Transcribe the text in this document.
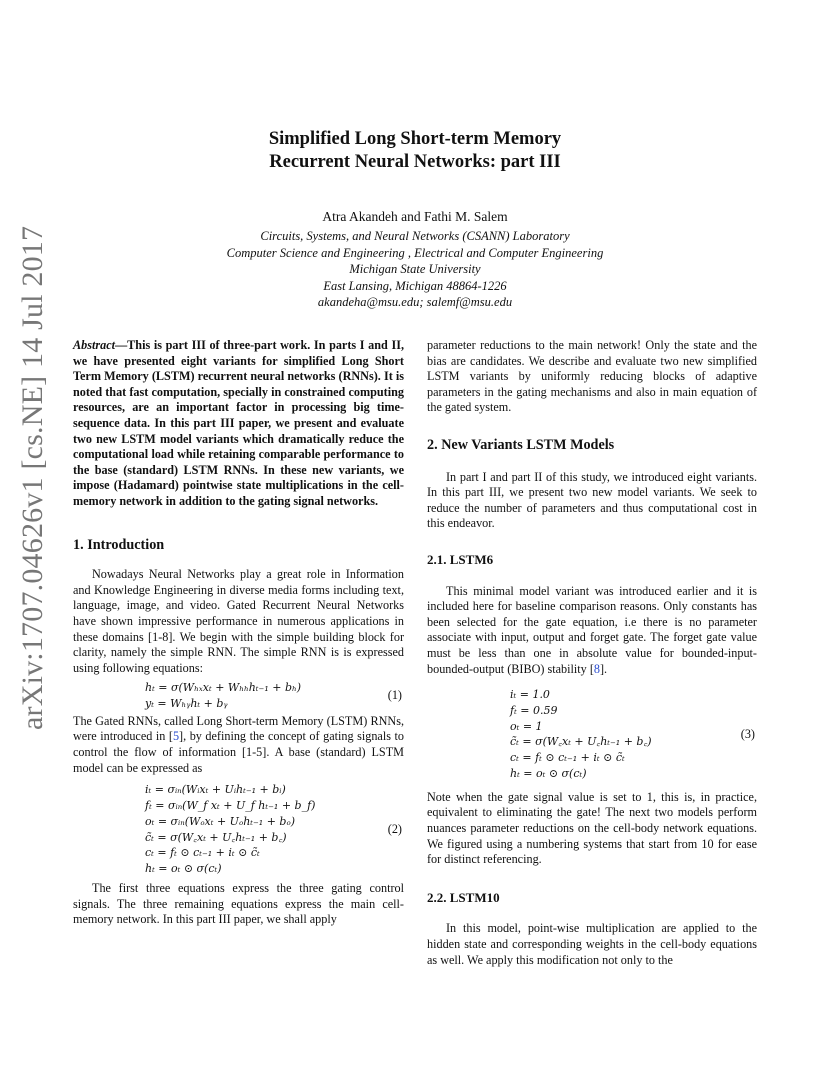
arXiv:1707.04626v1 [cs.NE] 14 Jul 2017
Simplified Long Short-term Memory
Recurrent Neural Networks: part III
Atra Akandeh and Fathi M. Salem
Circuits, Systems, and Neural Networks (CSANN) Laboratory
Computer Science and Engineering , Electrical and Computer Engineering
Michigan State University
East Lansing, Michigan 48864-1226
akandeha@msu.edu; salemf@msu.edu

Abstract—This is part III of three-part work. In parts I and II, we have presented eight variants for simplified Long Short Term Memory (LSTM) recurrent neural networks (RNNs). It is noted that fast computation, specially in constrained computing resources, are an important factor in processing big time-sequence data. In this part III paper, we present and evaluate two new LSTM model variants which dramatically reduce the computational load while retaining comparable performance to the base (standard) LSTM RNNs. In these new variants, we impose (Hadamard) pointwise state multiplications in the cell-memory network in addition to the gating signal networks.

1. Introduction

Nowadays Neural Networks play a great role in Information and Knowledge Engineering in diverse media forms including text, language, image, and video. Gated Recurrent Neural Networks have shown impressive performance in numerous applications in these domains [1-8]. We begin with the simple building block for clarity, namely the simple RNN. The simple RNN is is expressed using following equations:

hₜ = σ(Wₕₓxₜ + Wₕₕhₜ₋₁ + bₕ)
yₜ = Wₕᵧhₜ + bᵧ
(1)

The Gated RNNs, called Long Short-term Memory (LSTM) RNNs, were introduced in [5], by defining the concept of gating signals to control the flow of information [1-5]. A base (standard) LSTM model can be expressed as

iₜ = σᵢₙ(Wᵢxₜ + Uᵢhₜ₋₁ + bᵢ)
fₜ = σᵢₙ(W_f xₜ + U_f hₜ₋₁ + b_f)
oₜ = σᵢₙ(Wₒxₜ + Uₒhₜ₋₁ + bₒ)
c̃ₜ = σ(W꜀xₜ + U꜀hₜ₋₁ + b꜀)
cₜ = fₜ ⊙ cₜ₋₁ + iₜ ⊙ c̃ₜ
hₜ = oₜ ⊙ σ(cₜ)
(2)

The first three equations express the three gating control signals. The three remaining equations express the main cell-memory network. In this part III paper, we shall apply

parameter reductions to the main network! Only the state and the bias are candidates. We describe and evaluate two new simplified LSTM variants by uniformly reducing blocks of adaptive parameters in the gating mechanisms and also in main equation of the gated system.

2. New Variants LSTM Models

In part I and part II of this study, we introduced eight variants. In this part III, we present two new model variants. We seek to reduce the number of parameters and thus computational cost in this endeavor.

2.1. LSTM6

This minimal model variant was introduced earlier and it is included here for baseline comparison reasons. Only constants has been selected for the gate equation, i.e there is no parameter associate with input, output and forget gate. The forget gate value must be less than one in absolute value for bounded-input-bounded-output (BIBO) stability [8].

iₜ = 1.0
fₜ = 0.59
oₜ = 1
c̃ₜ = σ(W꜀xₜ + U꜀hₜ₋₁ + b꜀)
cₜ = fₜ ⊙ cₜ₋₁ + iₜ ⊙ c̃ₜ
hₜ = oₜ ⊙ σ(cₜ)
(3)

Note when the gate signal value is set to 1, this is, in practice, equivalent to eliminating the gate! The next two models perform nuances parameter reductions on the cell-body network equations. We figured using a numbering systems that start from 10 for ease for distinct referencing.

2.2. LSTM10

In this model, point-wise multiplication are applied to the hidden state and corresponding weights in the cell-body equations as well. We apply this modification not only to the
